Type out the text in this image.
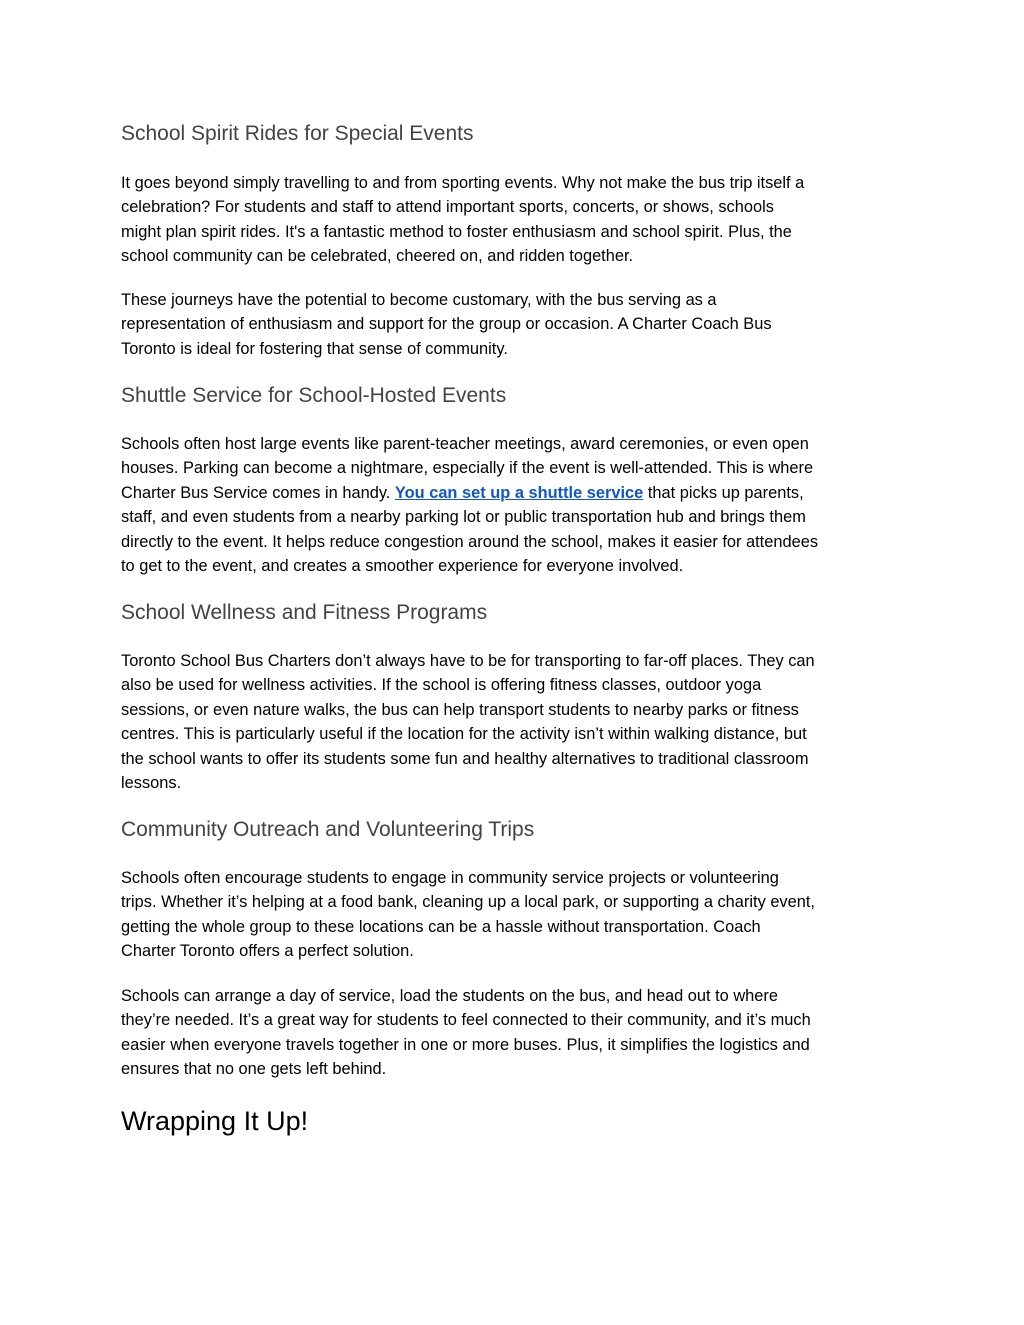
School Spirit Rides for Special Events
It goes beyond simply travelling to and from sporting events. Why not make the bus trip itself a
celebration? For students and staff to attend important sports, concerts, or shows, schools
might plan spirit rides. It's a fantastic method to foster enthusiasm and school spirit. Plus, the
school community can be celebrated, cheered on, and ridden together.
These journeys have the potential to become customary, with the bus serving as a
representation of enthusiasm and support for the group or occasion. A Charter Coach Bus
Toronto is ideal for fostering that sense of community.
Shuttle Service for School-Hosted Events
Schools often host large events like parent-teacher meetings, award ceremonies, or even open
houses. Parking can become a nightmare, especially if the event is well-attended. This is where
Charter Bus Service comes in handy. You can set up a shuttle service that picks up parents,
staff, and even students from a nearby parking lot or public transportation hub and brings them
directly to the event. It helps reduce congestion around the school, makes it easier for attendees
to get to the event, and creates a smoother experience for everyone involved.
School Wellness and Fitness Programs
Toronto School Bus Charters don’t always have to be for transporting to far-off places. They can
also be used for wellness activities. If the school is offering fitness classes, outdoor yoga
sessions, or even nature walks, the bus can help transport students to nearby parks or fitness
centres. This is particularly useful if the location for the activity isn’t within walking distance, but
the school wants to offer its students some fun and healthy alternatives to traditional classroom
lessons.
Community Outreach and Volunteering Trips
Schools often encourage students to engage in community service projects or volunteering
trips. Whether it’s helping at a food bank, cleaning up a local park, or supporting a charity event,
getting the whole group to these locations can be a hassle without transportation. Coach
Charter Toronto offers a perfect solution.
Schools can arrange a day of service, load the students on the bus, and head out to where
they’re needed. It’s a great way for students to feel connected to their community, and it’s much
easier when everyone travels together in one or more buses. Plus, it simplifies the logistics and
ensures that no one gets left behind.
Wrapping It Up!
